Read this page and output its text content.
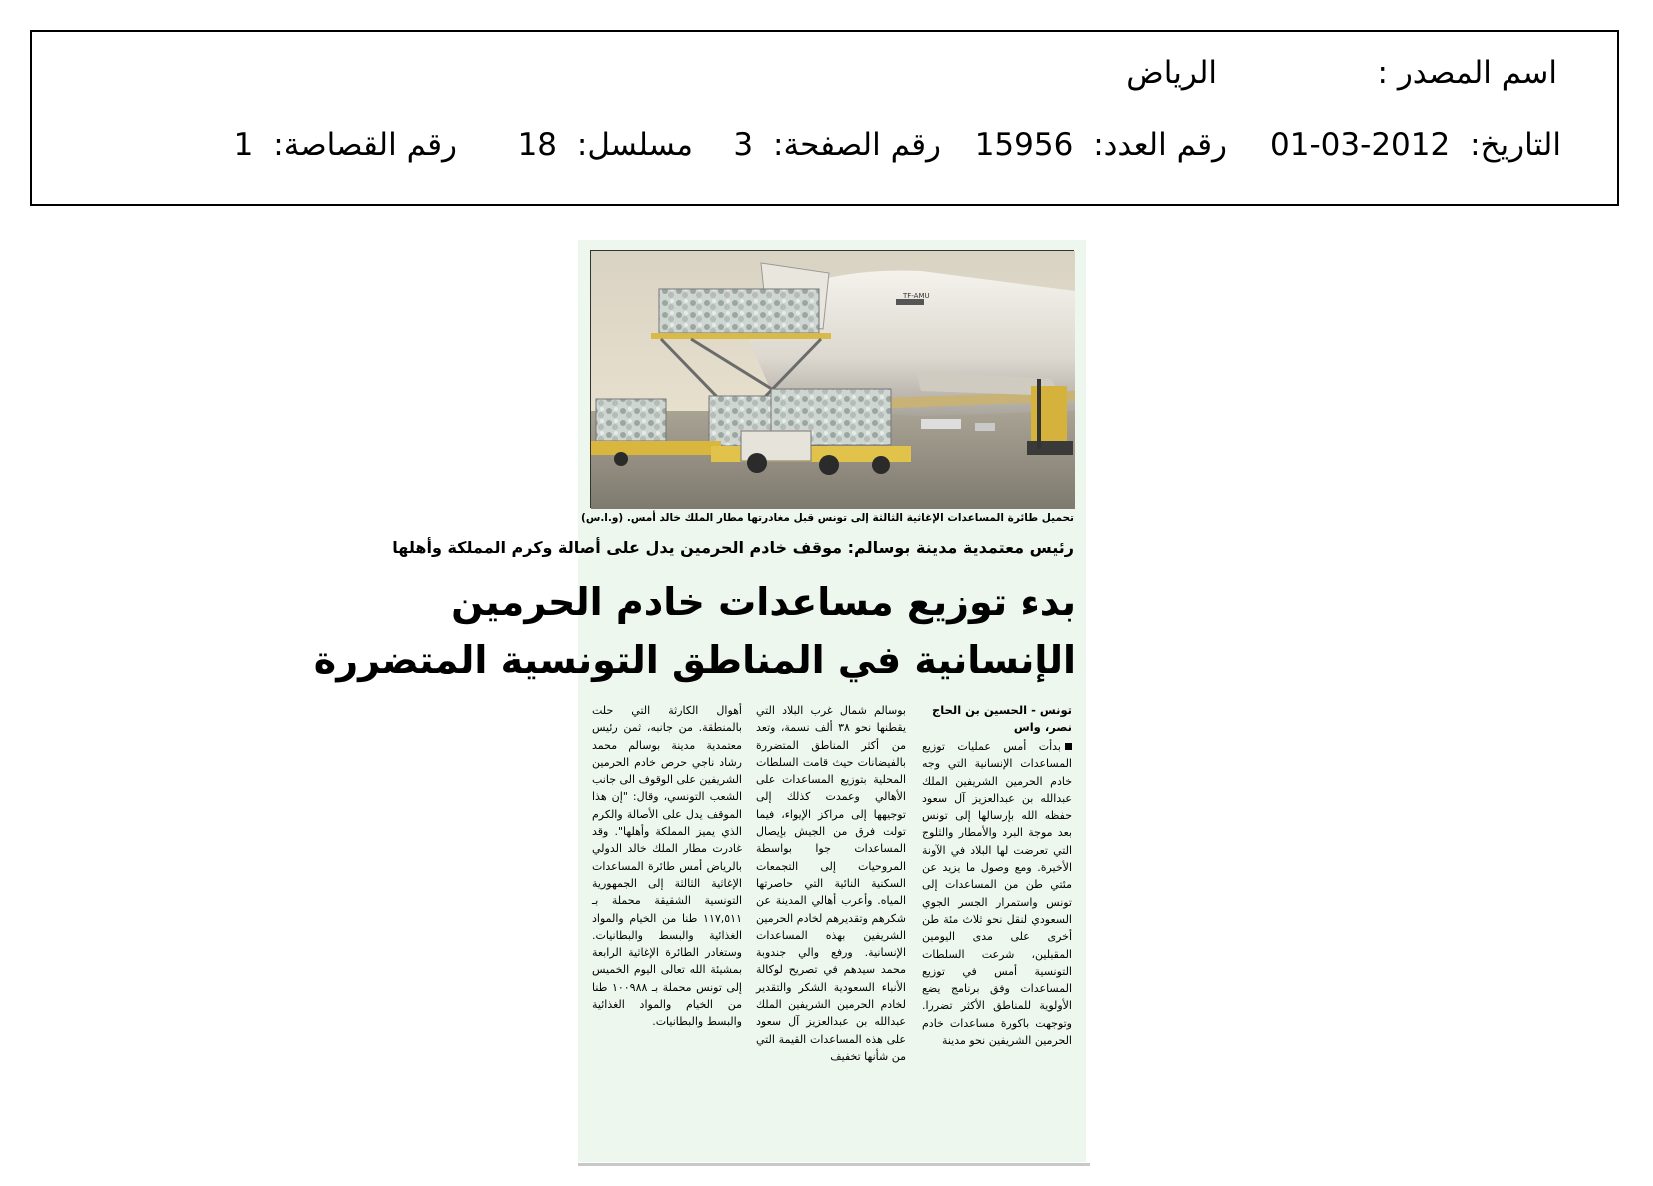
اسم المصدر :
الرياض
التاريخ: 2012-03-01
رقم العدد: 15956
رقم الصفحة: 3
مسلسل: 18
رقم القصاصة: 1
TF-AMU
تحميل طائرة المساعدات الإغاثية الثالثة إلى تونس قبل مغادرتها مطار الملك خالد أمس. (و.ا.س)
رئيس معتمدية مدينة بوسالم: موقف خادم الحرمين يدل على أصالة وكرم المملكة وأهلها
بدء توزيع مساعدات خادم الحرمين
الإنسانية في المناطق التونسية المتضررة
تونس - الحسين بن الحاج نصر، واس

بدأت أمس عمليات توزيع المساعدات الإنسانية التي وجه خادم الحرمين الشريفين الملك عبدالله بن عبدالعزيز آل سعود حفظه الله بإرسالها إلى تونس بعد موجة البرد والأمطار والثلوج التي تعرضت لها البلاد في الآونة الأخيرة. ومع وصول ما يزيد عن مئتي طن من المساعدات إلى تونس واستمرار الجسر الجوي السعودي لنقل نحو ثلاث مئة طن أخرى على مدى اليومين المقبلين، شرعت السلطات التونسية أمس في توزيع المساعدات وفق برنامج يضع الأولوية للمناطق الأكثر تضررا. وتوجهت باكورة مساعدات خادم الحرمين الشريفين نحو مدينة

بوسالم شمال غرب البلاد التي يقطنها نحو ٣٨ ألف نسمة، وتعد من أكثر المناطق المتضررة بالفيضانات حيث قامت السلطات المحلية بتوزيع المساعدات على الأهالي وعمدت كذلك إلى توجيهها إلى مراكز الإيواء، فيما تولت فرق من الجيش بإيصال المساعدات جوا بواسطة المروحيات إلى التجمعات السكنية النائية التي حاصرتها المياه. وأعرب أهالي المدينة عن شكرهم وتقديرهم لخادم الحرمين الشريفين بهذه المساعدات الإنسانية. ورفع والي جندوبة محمد سيدهم في تصريح لوكالة الأنباء السعودية الشكر والتقدير لخادم الحرمين الشريفين الملك عبدالله بن عبدالعزيز آل سعود على هذه المساعدات القيمة التي من شأنها تخفيف

أهوال الكارثة التي حلت بالمنطقة. من جانبه، ثمن رئيس معتمدية مدينة بوسالم محمد رشاد ناجي حرص خادم الحرمين الشريفين على الوقوف الى جانب الشعب التونسي، وقال: "إن هذا الموقف يدل على الأصالة والكرم الذي يميز المملكة وأهلها". وقد غادرت مطار الملك خالد الدولي بالرياض أمس طائرة المساعدات الإغاثية الثالثة إلى الجمهورية التونسية الشقيقة محملة بـ ١١٧,٥١١ طنا من الخيام والمواد الغذائية والبسط والبطانيات. وستغادر الطائرة الإغاثية الرابعة بمشيئة الله تعالى اليوم الخميس إلى تونس محملة بـ ١٠٠٩٨٨ طنا من الخيام والمواد الغذائية والبسط والبطانيات.
